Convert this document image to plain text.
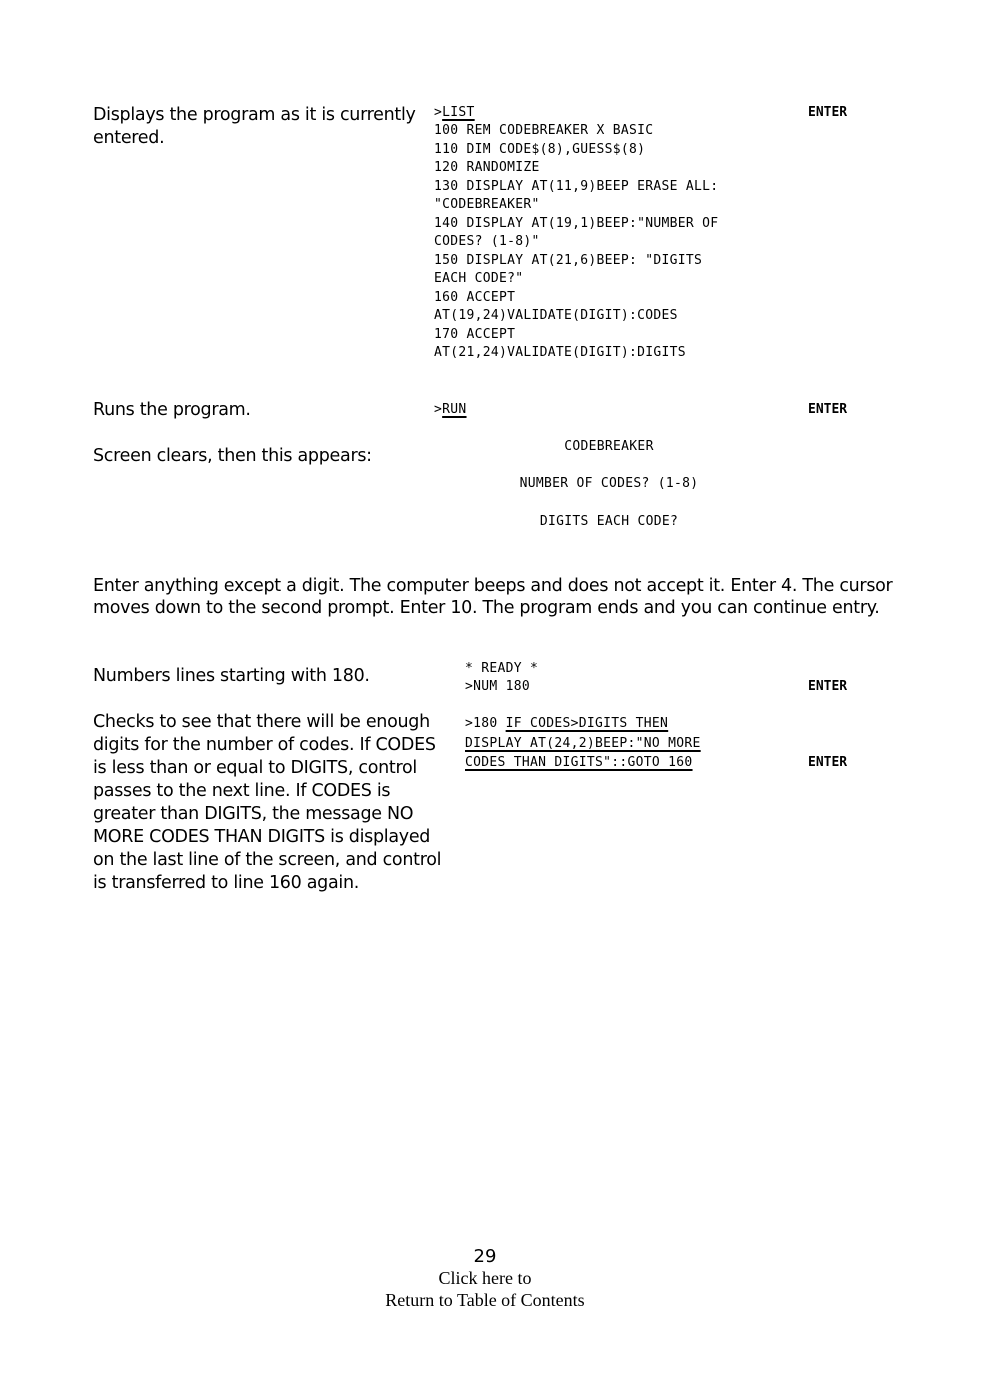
Displays the program as it is currently entered.
>LIST	ENTER
100 REM CODEBREAKER X BASIC
110 DIM CODE$(8),GUESS$(8)
120 RANDOMIZE
130 DISPLAY AT(11,9)BEEP ERASE ALL:
"CODEBREAKER"
140 DISPLAY AT(19,1)BEEP:"NUMBER OF
CODES? (1-8)"
150 DISPLAY AT(21,6)BEEP: "DIGITS
EACH CODE?"
160 ACCEPT
AT(19,24)VALIDATE(DIGIT):CODES
170 ACCEPT
AT(21,24)VALIDATE(DIGIT):DIGITS
Runs the program.	>RUN	ENTER
Screen clears, then this appears:	CODEBREAKER
NUMBER OF CODES? (1-8)
DIGITS EACH CODE?
Enter anything except a digit. The computer beeps and does not accept it. Enter 4. The cursor moves down to the second prompt. Enter 10. The program ends and you can continue entry.
Numbers lines starting with 180.	* READY *
>NUM 180	ENTER
Checks to see that there will be enough digits for the number of codes. If CODES is less than or equal to DIGITS, control passes to the next line. If CODES is greater than DIGITS, the message NO MORE CODES THAN DIGITS is displayed on the last line of the screen, and control is transferred to line 160 again.
>180 IF CODES>DIGITS THEN
DISPLAY AT(24,2)BEEP:"NO MORE
CODES THAN DIGITS"::GOTO 160	ENTER
29
Click here to
Return to Table of Contents
